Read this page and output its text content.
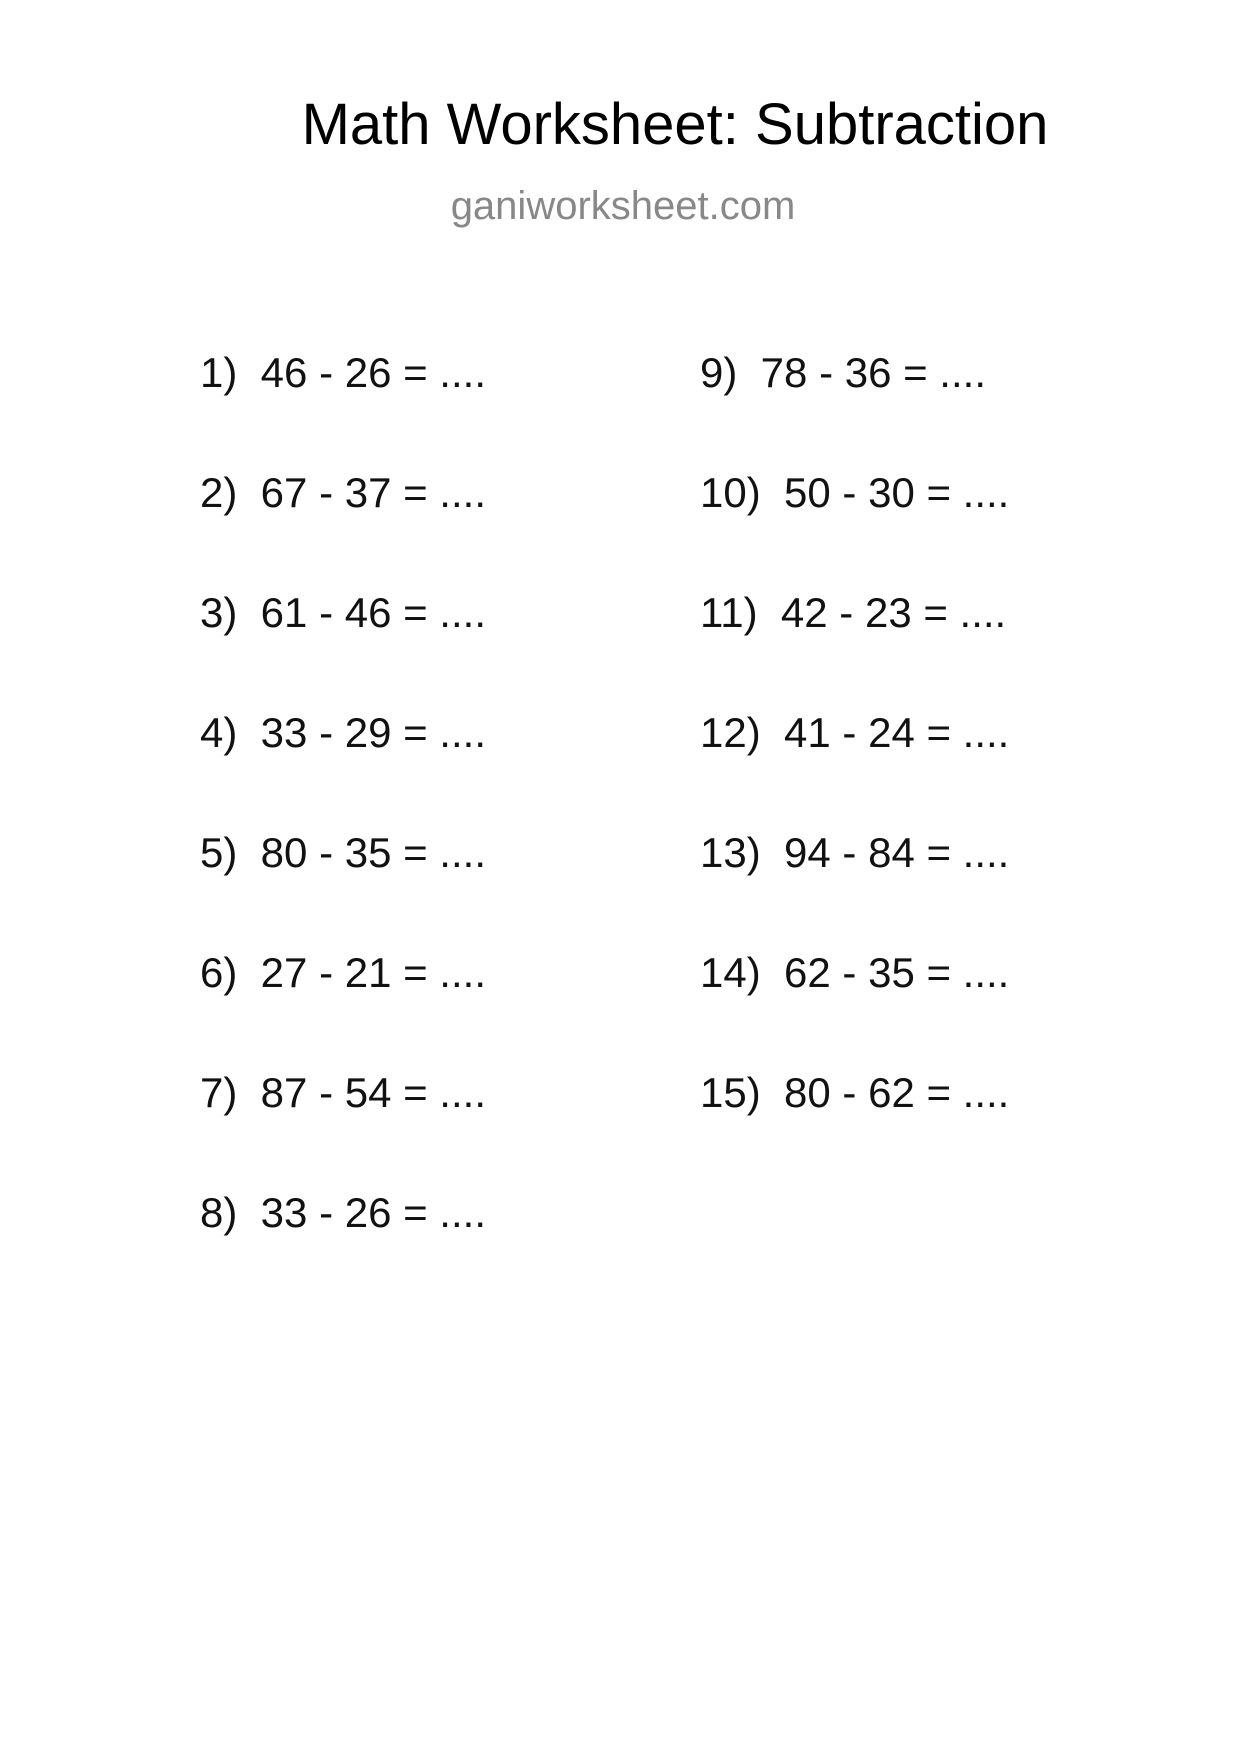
Math Worksheet: Subtraction
ganiworksheet.com
1)  46 - 26 = ....
2)  67 - 37 = ....
3)  61 - 46 = ....
4)  33 - 29 = ....
5)  80 - 35 = ....
6)  27 - 21 = ....
7)  87 - 54 = ....
8)  33 - 26 = ....
9)  78 - 36 = ....
10)  50 - 30 = ....
11)  42 - 23 = ....
12)  41 - 24 = ....
13)  94 - 84 = ....
14)  62 - 35 = ....
15)  80 - 62 = ....
